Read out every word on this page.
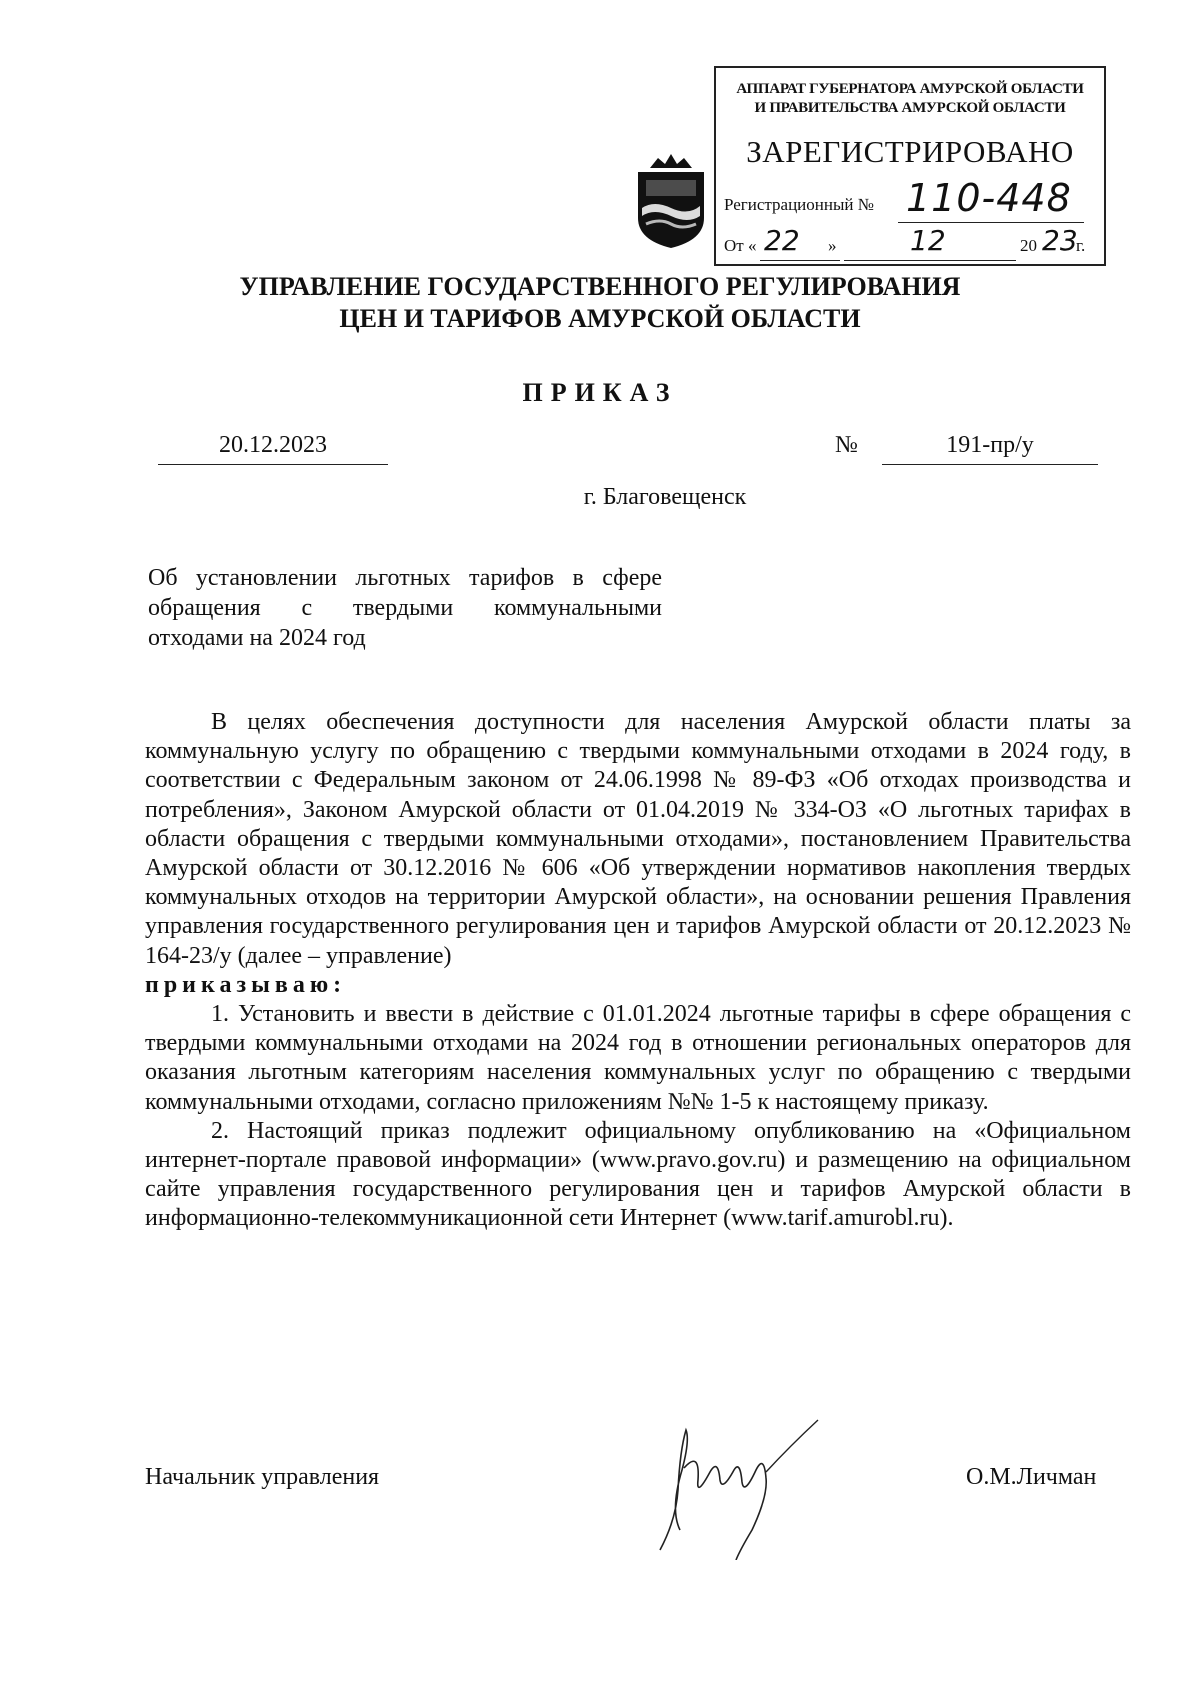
АППАРАТ ГУБЕРНАТОРА АМУРСКОЙ ОБЛАСТИ
И ПРАВИТЕЛЬСТВА АМУРСКОЙ ОБЛАСТИ
ЗАРЕГИСТРИРОВАНО
Регистрационный № 110-448
От « 22 »	12	20 23
г.
УПРАВЛЕНИЕ ГОСУДАРСТВЕННОГО РЕГУЛИРОВАНИЯ
ЦЕН И ТАРИФОВ АМУРСКОЙ ОБЛАСТИ
ПРИКАЗ
20.12.2023	№	191-пр/у
г. Благовещенск
Об установлении льготных тарифов в сфере
обращения с твердыми коммунальными
отходами на 2024 год

В целях обеспечения доступности для населения Амурской области платы за коммунальную услугу по обращению с твердыми коммунальными отходами в 2024 году, в соответствии с Федеральным законом от 24.06.1998 № 89-ФЗ «Об отходах производства и потребления», Законом Амурской области от 01.04.2019 № 334-ОЗ «О льготных тарифах в области обращения с твердыми коммунальными отходами», постановлением Правительства Амурской области от 30.12.2016 № 606 «Об утверждении нормативов накопления твердых коммунальных отходов на территории Амурской области», на основании решения Правления управления государственного регулирования цен и тарифов Амурской области от 20.12.2023 № 164-23/у (далее – управление)

приказываю:

1. Установить и ввести в действие с 01.01.2024 льготные тарифы в сфере обращения с твердыми коммунальными отходами на 2024 год в отношении региональных операторов для оказания льготным категориям населения коммунальных услуг по обращению с твердыми коммунальными отходами, согласно приложениям №№ 1-5 к настоящему приказу.

2. Настоящий приказ подлежит официальному опубликованию на «Официальном интернет-портале правовой информации» (www.pravo.gov.ru) и размещению на официальном сайте управления государственного регулирования цен и тарифов Амурской области в информационно-телекоммуникационной сети Интернет (www.tarif.amurobl.ru).

Начальник управления	О.М.Личман
